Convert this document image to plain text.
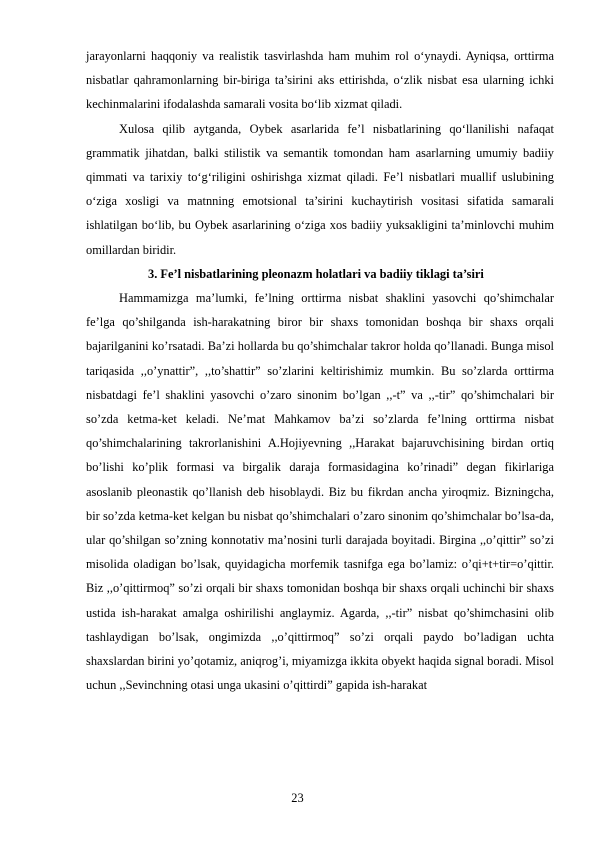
jarayonlarni haqqoniy va realistik tasvirlashda ham muhim rol o‘ynaydi. Ayniqsa, orttirma nisbatlar qahramonlarning bir-biriga ta’sirini aks ettirishda, o‘zlik nisbat esa ularning ichki kechinmalarini ifodalashda samarali vosita bo‘lib xizmat qiladi.

Xulosa qilib aytganda, Oybek asarlarida fe’l nisbatlarining qo‘llanilishi nafaqat grammatik jihatdan, balki stilistik va semantik tomondan ham asarlarning umumiy badiiy qimmati va tarixiy to‘g‘riligini oshirishga xizmat qiladi. Fe’l nisbatlari muallif uslubining o‘ziga xosligi va matnning emotsional ta’sirini kuchaytirish vositasi sifatida samarali ishlatilgan bo‘lib, bu Oybek asarlarining o‘ziga xos badiiy yuksakligini ta’minlovchi muhim omillardan biridir.

3. Fe’l nisbatlarining pleonazm holatlari va badiiy tiklagi ta’siri

Hammamizga ma’lumki, fe’lning orttirma nisbat shaklini yasovchi qo’shimchalar fe’lga qo’shilganda ish-harakatning biror bir shaxs tomonidan boshqa bir shaxs orqali bajarilganini ko’rsatadi. Ba’zi hollarda bu qo’shimchalar takror holda qo’llanadi. Bunga misol tariqasida ,,o’ynattir”, ,,to’shattir” so’zlarini keltirishimiz mumkin. Bu so’zlarda orttirma nisbatdagi fe’l shaklini yasovchi o’zaro sinonim bo’lgan ,,-t” va ,,-tir” qo’shimchalari bir so’zda ketma-ket keladi. Ne’mat Mahkamov ba’zi so’zlarda fe’lning orttirma nisbat qo’shimchalarining takrorlanishini A.Hojiyevning ,,Harakat bajaruvchisining birdan ortiq bo’lishi ko’plik formasi va birgalik daraja formasidagina ko’rinadi” degan fikirlariga asoslanib pleonastik qo’llanish deb hisoblaydi. Biz bu fikrdan ancha yiroqmiz. Bizningcha, bir so’zda ketma-ket kelgan bu nisbat qo’shimchalari o’zaro sinonim qo’shimchalar bo’lsa-da, ular qo’shilgan so’zning konnotativ ma’nosini turli darajada boyitadi. Birgina ,,o’qittir” so’zi misolida oladigan bo’lsak, quyidagicha morfemik tasnifga ega bo’lamiz: o’qi+t+tir=o’qittir. Biz ,,o’qittirmoq” so’zi orqali bir shaxs tomonidan boshqa bir shaxs orqali uchinchi bir shaxs ustida ish-harakat amalga oshirilishi anglaymiz. Agarda, ,,-tir” nisbat qo’shimchasini olib tashlaydigan bo’lsak, ongimizda ,,o’qittirmoq” so’zi orqali paydo bo’ladigan uchta shaxslardan birini yo’qotamiz, aniqrog’i, miyamizga ikkita obyekt haqida signal boradi. Misol uchun ,,Sevinchning otasi unga ukasini o’qittirdi” gapida ish-harakat

23
